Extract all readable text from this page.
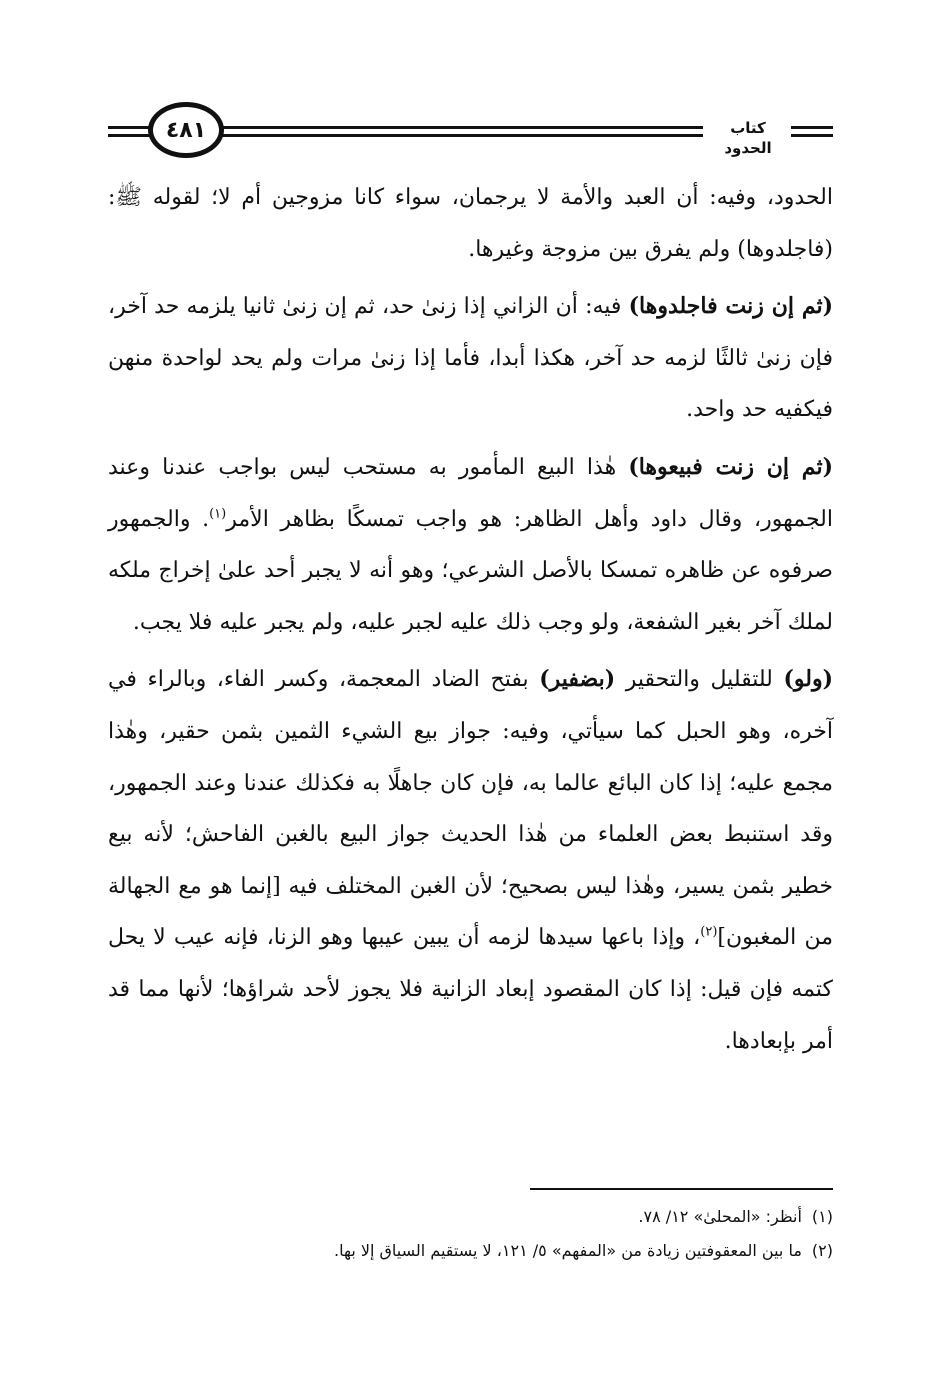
٤٨١	كتاب الحدود

الحدود، وفيه: أن العبد والأمة لا يرجمان، سواء كانا مزوجين أم لا؛ لقوله ﷺ: (فاجلدوها) ولم يفرق بين مزوجة وغيرها.

(ثم إن زنت فاجلدوها) فيه: أن الزاني إذا زنىٰ حد، ثم إن زنىٰ ثانيا يلزمه حد آخر، فإن زنىٰ ثالثًا لزمه حد آخر، هكذا أبدا، فأما إذا زنىٰ مرات ولم يحد لواحدة منهن فيكفيه حد واحد.

(ثم إن زنت فبيعوها) هٰذا البيع المأمور به مستحب ليس بواجب عندنا وعند الجمهور، وقال داود وأهل الظاهر: هو واجب تمسكًا بظاهر الأمر$^{(١)}$. والجمهور صرفوه عن ظاهره تمسكا بالأصل الشرعي؛ وهو أنه لا يجبر أحد علىٰ إخراج ملكه لملك آخر بغير الشفعة، ولو وجب ذلك عليه لجبر عليه، ولم يجبر عليه فلا يجب.

(ولو) للتقليل والتحقير (بضفير) بفتح الضاد المعجمة، وكسر الفاء، وبالراء في آخره، وهو الحبل كما سيأتي، وفيه: جواز بيع الشيء الثمين بثمن حقير، وهٰذا مجمع عليه؛ إذا كان البائع عالما به، فإن كان جاهلًا به فكذلك عندنا وعند الجمهور، وقد استنبط بعض العلماء من هٰذا الحديث جواز البيع بالغبن الفاحش؛ لأنه بيع خطير بثمن يسير، وهٰذا ليس بصحيح؛ لأن الغبن المختلف فيه [إنما هو مع الجهالة من المغبون]$^{(٢)}$، وإذا باعها سيدها لزمه أن يبين عيبها وهو الزنا، فإنه عيب لا يحل كتمه فإن قيل: إذا كان المقصود إبعاد الزانية فلا يجوز لأحد شراؤها؛ لأنها مما قد أمر بإبعادها.

(١)أنظر: «المحلىٰ» ١٢/ ٧٨.
(٢)ما بين المعقوفتين زيادة من «المفهم» ٥/ ١٢١، لا يستقيم السياق إلا بها.
